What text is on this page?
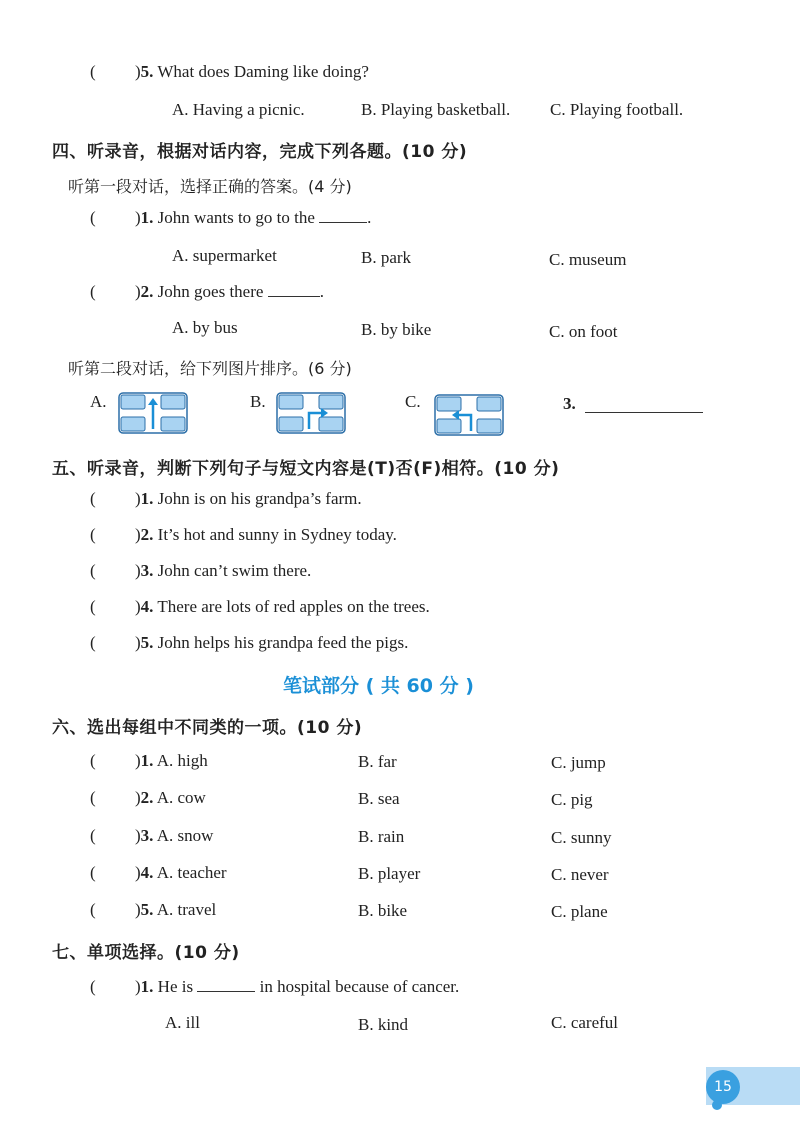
( )5. What does Daming like doing?
A. Having a picnic.	B. Playing basketball. C. Playing football.
四、听录音，根据对话内容，完成下列各题。(10 分)
听第一段对话，选择正确的答案。(4 分)
( )1. John wants to go to the	.
A. supermarket	B. park	C. museum
( )2. John goes there	.
A. by bus	B. by bike	C. on foot
听第二段对话，给下列图片排序。(6 分)
A.	B.	C.	3.
五、听录音，判断下列句子与短文内容是(T)否(F)相符。(10 分)
( )1. John is on his grandpa’s farm.
( )2. It’s hot and sunny in Sydney today.
( )3. John can’t swim there.
( )4. There are lots of red apples on the trees.
( )5. John helps his grandpa feed the pigs.
笔试部分 ( 共 60 分 )
六、选出每组中不同类的一项。(10 分)
( )1. A. high	B. far	C. jump
( )2. A. cow	B. sea	C. pig
( )3. A. snow	B. rain	C. sunny
( )4. A. teacher	B. player	C. never
( )5. A. travel	B. bike	C. plane
七、单项选择。(10 分)
( )1. He is	in hospital because of cancer.
A. ill	B. kind	C. careful
15
